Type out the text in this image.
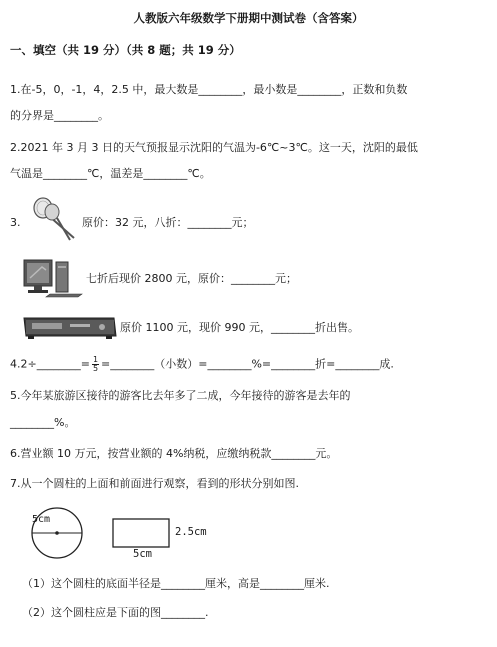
人教版六年级数学下册期中测试卷（含答案）
一、填空（共 19 分）（共 8 题；共 19 分）
1.在-5，0，-1，4，2.5 中，最大数是________，最小数是________，正数和负数
的分界是________。
2.2021 年 3 月 3 日的天气预报显示沈阳的气温为-6℃~3℃。这一天，沈阳的最低
气温是________℃，温差是________℃。
3.	原价：32 元，八折：________元；
七折后现价 2800 元，原价：________元；
原价 1100 元，现价 990 元，________折出售。
4.2÷________= $\frac{1}{5}$ =________（小数）=________%=________折=________成.
5.今年某旅游区接待的游客比去年多了二成，今年接待的游客是去年的
________%。
6.营业额 10 万元，按营业额的 4%纳税，应缴纳税款________元。
7.从一个圆柱的上面和前面进行观察，看到的形状分别如图.
5cm
2.5cm
5cm
（1）这个圆柱的底面半径是________厘米，高是________厘米.
（2）这个圆柱应是下面的图________.
